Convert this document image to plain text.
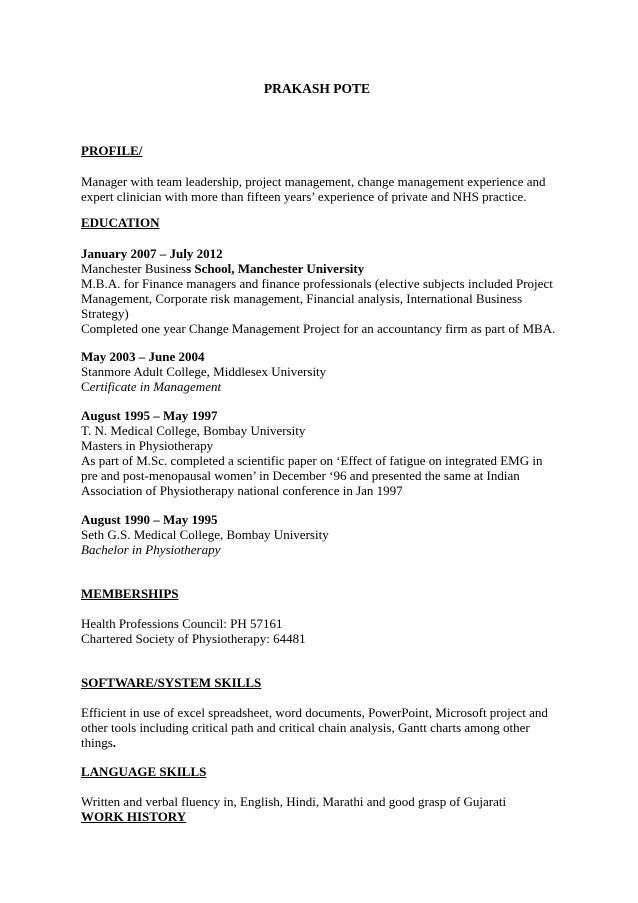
PRAKASH POTE
PROFILE/
Manager with team leadership, project management, change management experience and
expert clinician with more than fifteen years’ experience of private and NHS practice.
EDUCATION
January 2007 – July 2012
Manchester Business School, Manchester University
M.B.A. for Finance managers and finance professionals (elective subjects included Project
Management, Corporate risk management, Financial analysis, International Business
Strategy)
Completed one year Change Management Project for an accountancy firm as part of MBA.
May 2003 – June 2004
Stanmore Adult College, Middlesex University
Certificate in Management
August 1995 – May 1997
T. N. Medical College, Bombay University
Masters in Physiotherapy
As part of M.Sc. completed a scientific paper on ‘Effect of fatigue on integrated EMG in
pre and post-menopausal women’ in December ‘96 and presented the same at Indian
Association of Physiotherapy national conference in Jan 1997
August 1990 – May 1995
Seth G.S. Medical College, Bombay University
Bachelor in Physiotherapy
MEMBERSHIPS
Health Professions Council: PH 57161
Chartered Society of Physiotherapy: 64481
SOFTWARE/SYSTEM SKILLS
Efficient in use of excel spreadsheet, word documents, PowerPoint, Microsoft project and
other tools including critical path and critical chain analysis, Gantt charts among other
things.
LANGUAGE SKILLS
Written and verbal fluency in, English, Hindi, Marathi and good grasp of Gujarati
WORK HISTORY
